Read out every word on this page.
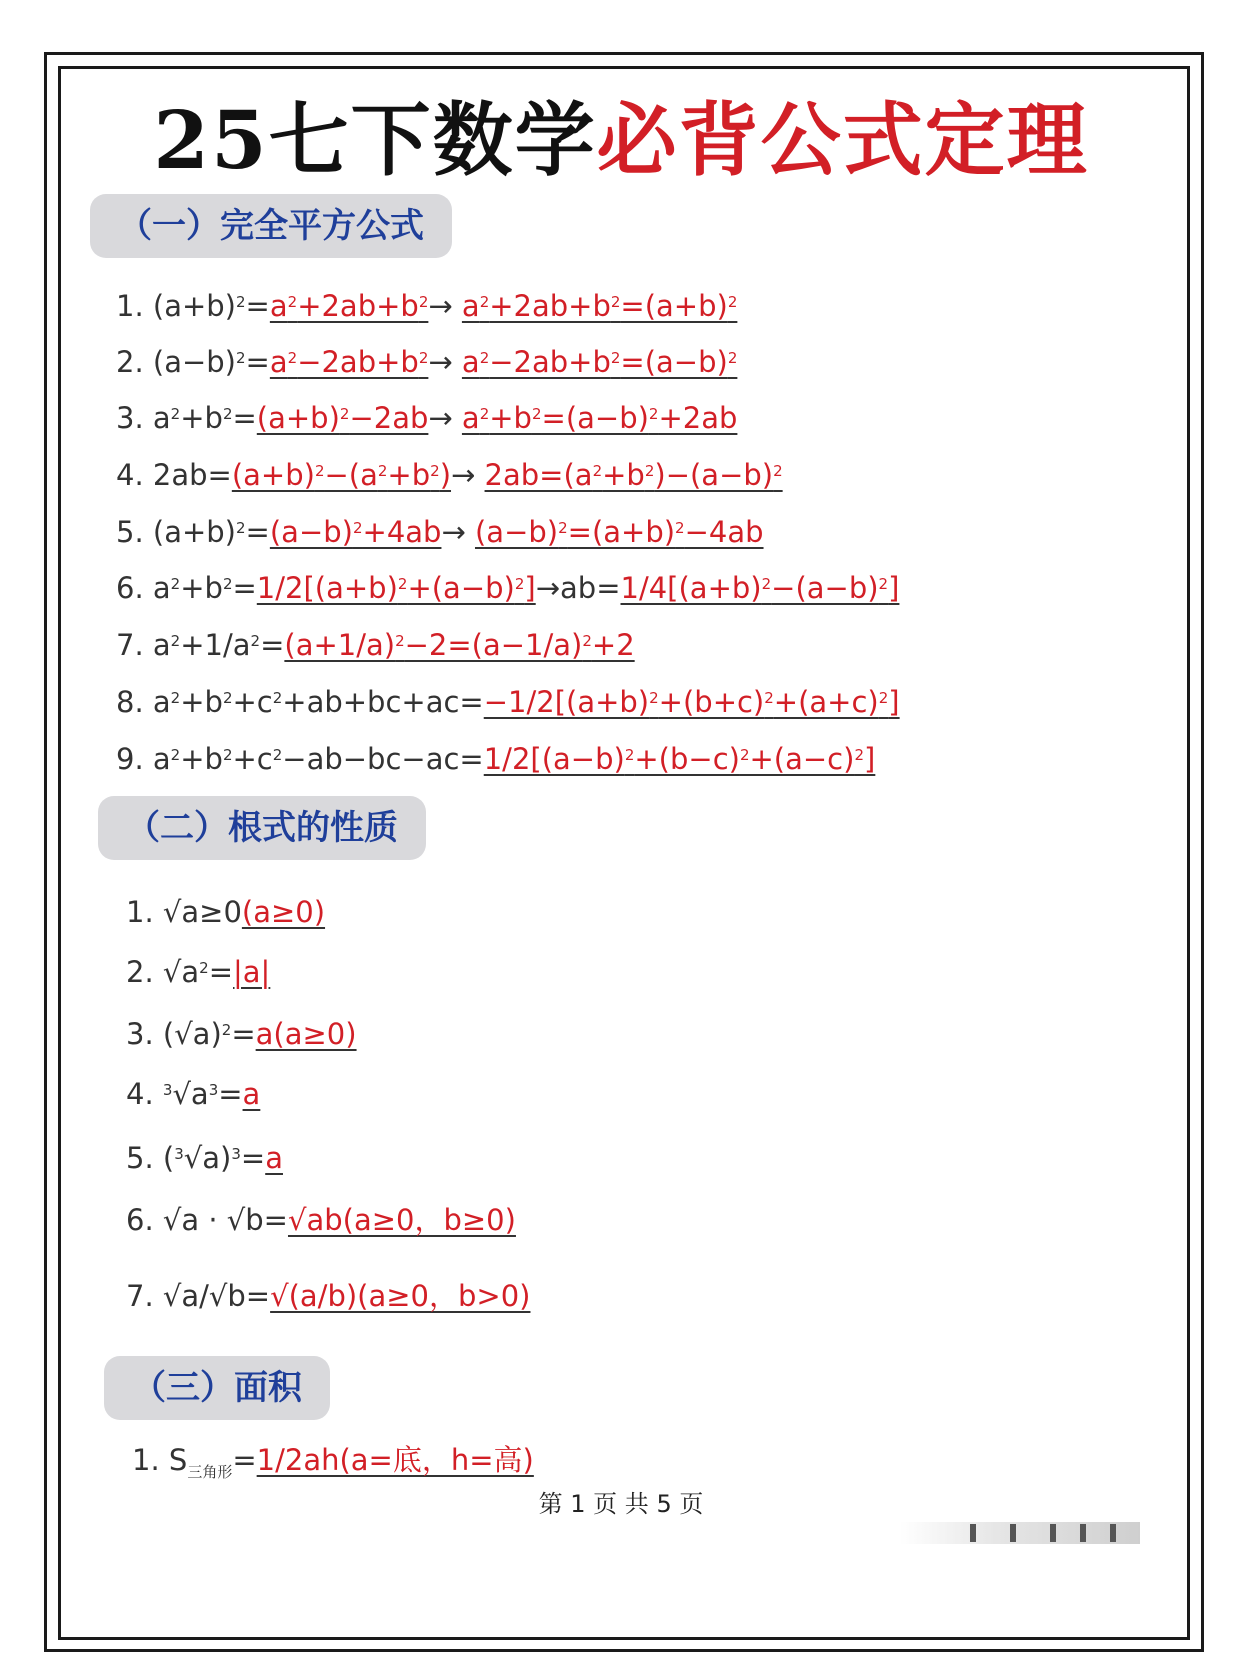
25七下数学必背公式定理
（一）完全平方公式
（二）根式的性质
（三）面积
1. $(a+b)^2=a^2+2ab+b^2\to a^2+2ab+b^2=(a+b)^2$
2. $(a-b)^2=a^2-2ab+b^2\to a^2-2ab+b^2=(a-b)^2$
3. $a^2+b^2=(a+b)^2-2ab\to a^2+b^2=(a-b)^2+2ab$
4. $2ab=(a+b)^2-(a^2+b^2)\to 2ab=(a^2+b^2)-(a-b)^2$
5. $(a+b)^2=(a-b)^2+4ab\to (a-b)^2=(a+b)^2-4ab$
6. $a^2+b^2=1/2[(a+b)^2+(a-b)^2]\to ab=1/4[(a+b)^2-(a-b)^2]$
7. $a^2+1/a^2=(a+1/a)^2-2=(a-1/a)^2+2$
8. $a^2+b^2+c^2+ab+bc+ac=-1/2[(a+b)^2+(b+c)^2+(a+c)^2]$
9. $a^2+b^2+c^2-ab-bc-ac=1/2[(a-b)^2+(b-c)^2+(a-c)^2]$
1. √a≥0(a≥0)
2. $√a^2=|a|$
3. $(√a)^2=a(a\ge 0)$
4. $^3√a^3=a$
5. $(^3√a)^3=a$
6. √a · √b=√ab(a≥0，b≥0)
7. √a/√b=√(a/b)(a≥0，b>0)
1. $S_{三角形}=1/2ah(a=$底，h=高)
第 1 页 共 5 页
